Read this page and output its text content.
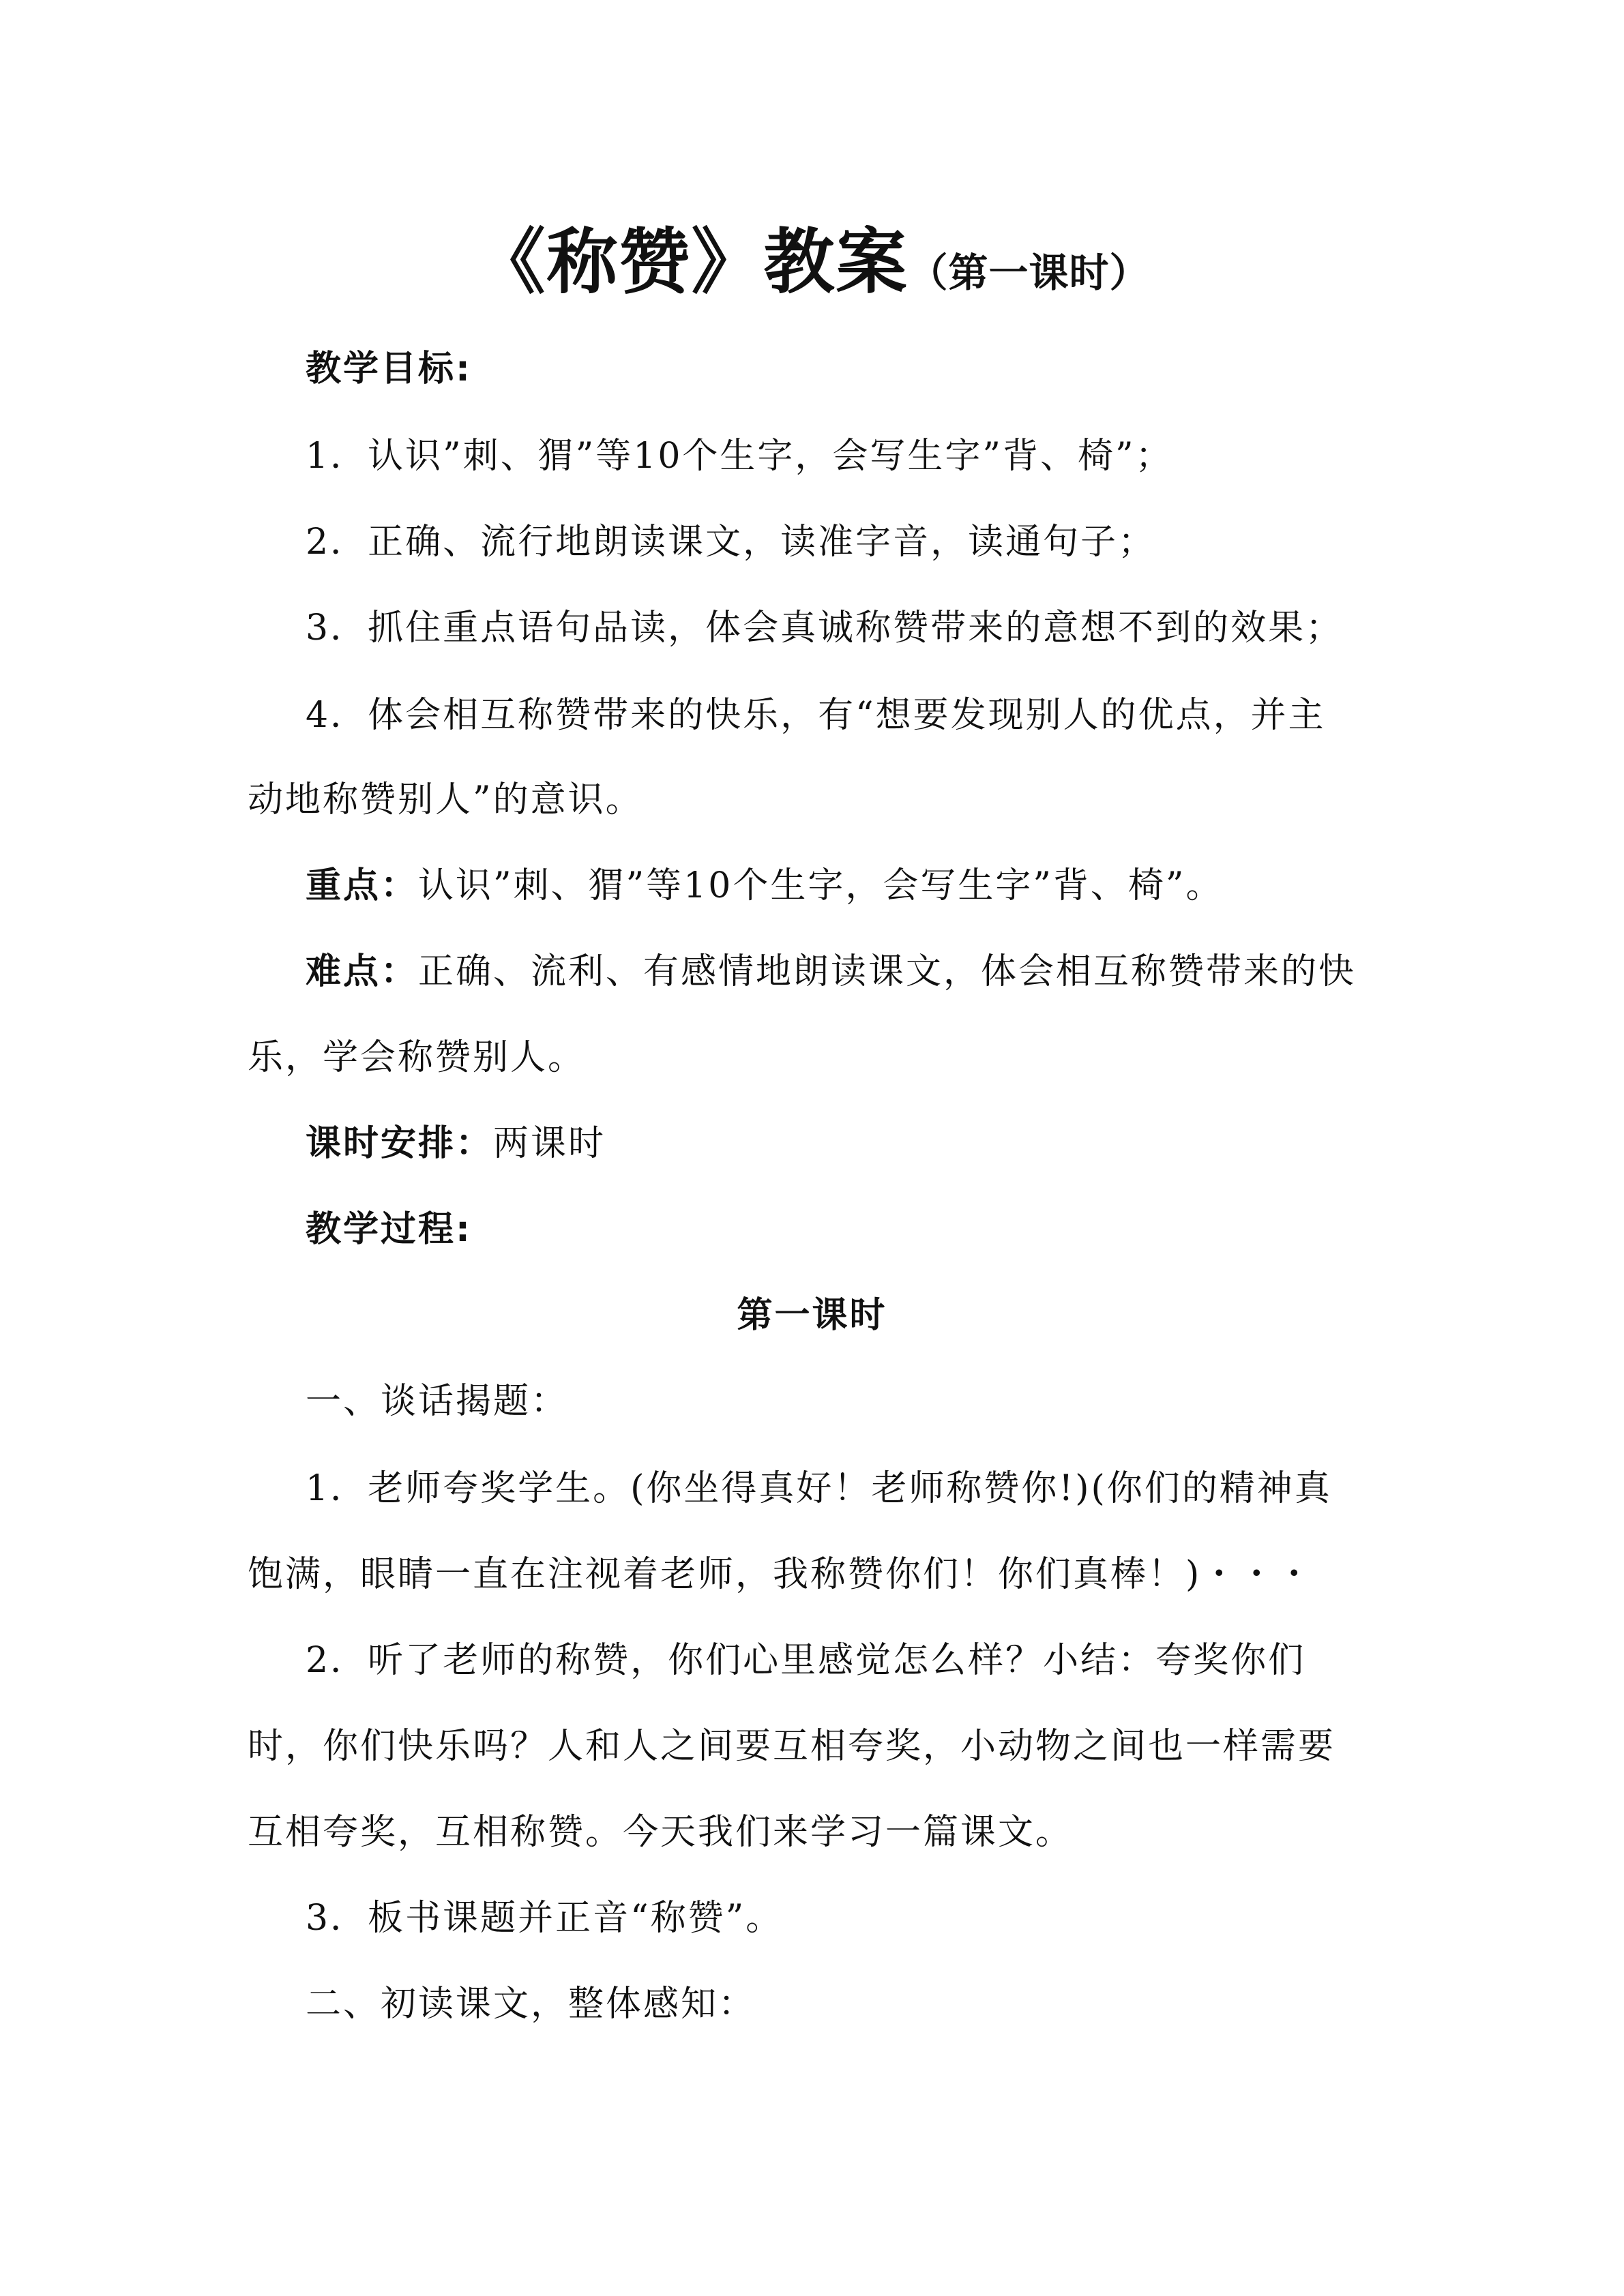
《称赞》教案（第一课时）
教学目标:
1．认识”刺、猬”等10个生字，会写生字”背、椅”；
2．正确、流行地朗读课文，读准字音，读通句子；
3．抓住重点语句品读，体会真诚称赞带来的意想不到的效果；
4．体会相互称赞带来的快乐，有“想要发现别人的优点，并主
动地称赞别人”的意识。
重点：认识”刺、猬”等10个生字，会写生字”背、椅”。
难点：正确、流利、有感情地朗读课文，体会相互称赞带来的快
乐，学会称赞别人。
课时安排：两课时
教学过程:
第一课时
一、谈话揭题：
1．老师夸奖学生。(你坐得真好！老师称赞你!)(你们的精神真
饱满，眼睛一直在注视着老师，我称赞你们！你们真棒！)・・・
2．听了老师的称赞，你们心里感觉怎么样？小结：夸奖你们
时，你们快乐吗？人和人之间要互相夸奖，小动物之间也一样需要
互相夸奖，互相称赞。今天我们来学习一篇课文。
3．板书课题并正音“称赞”。
二、初读课文，整体感知：
